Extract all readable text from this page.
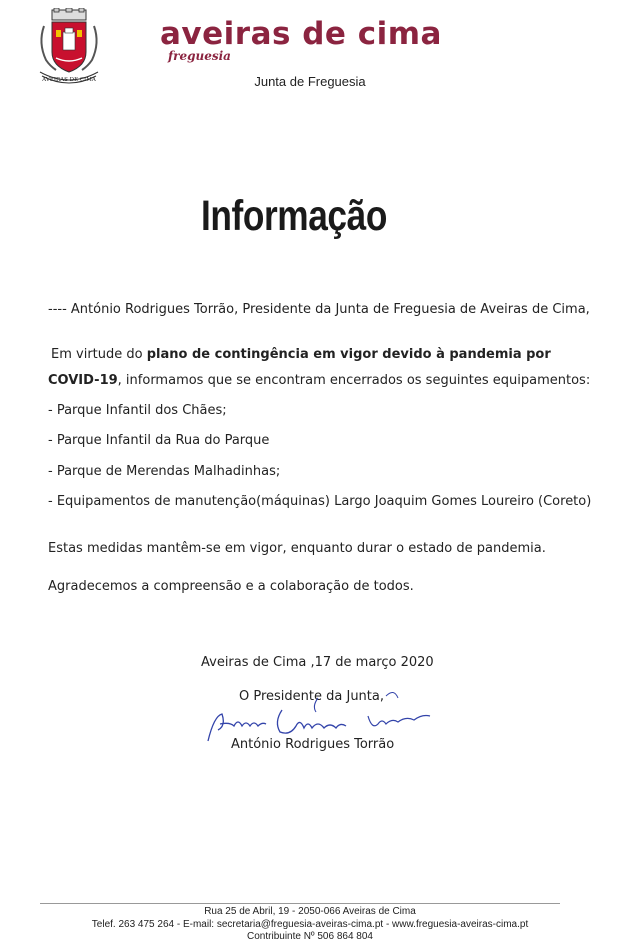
AVEIRAS DE CIMA
aveiras de cima
freguesia
Junta de Freguesia
Informação
---- António Rodrigues Torrão, Presidente da Junta de Freguesia de Aveiras de Cima,
Em virtude do plano de contingência em vigor devido à pandemia por
COVID-19, informamos que se encontram encerrados os seguintes equipamentos:
- Parque Infantil dos Chães;
- Parque Infantil da Rua do Parque
- Parque de Merendas Malhadinhas;
- Equipamentos de manutenção(máquinas) Largo Joaquim Gomes Loureiro (Coreto)
Estas medidas mantêm-se em vigor, enquanto durar o estado de pandemia.
Agradecemos a compreensão e a colaboração de todos.
Aveiras de Cima ,17 de março 2020
O Presidente da Junta,
António Rodrigues Torrão
Rua 25 de Abril, 19 - 2050-066 Aveiras de Cima
Telef. 263 475 264 - E-mail: secretaria@freguesia-aveiras-cima.pt - www.freguesia-aveiras-cima.pt
Contribuinte Nº 506 864 804
